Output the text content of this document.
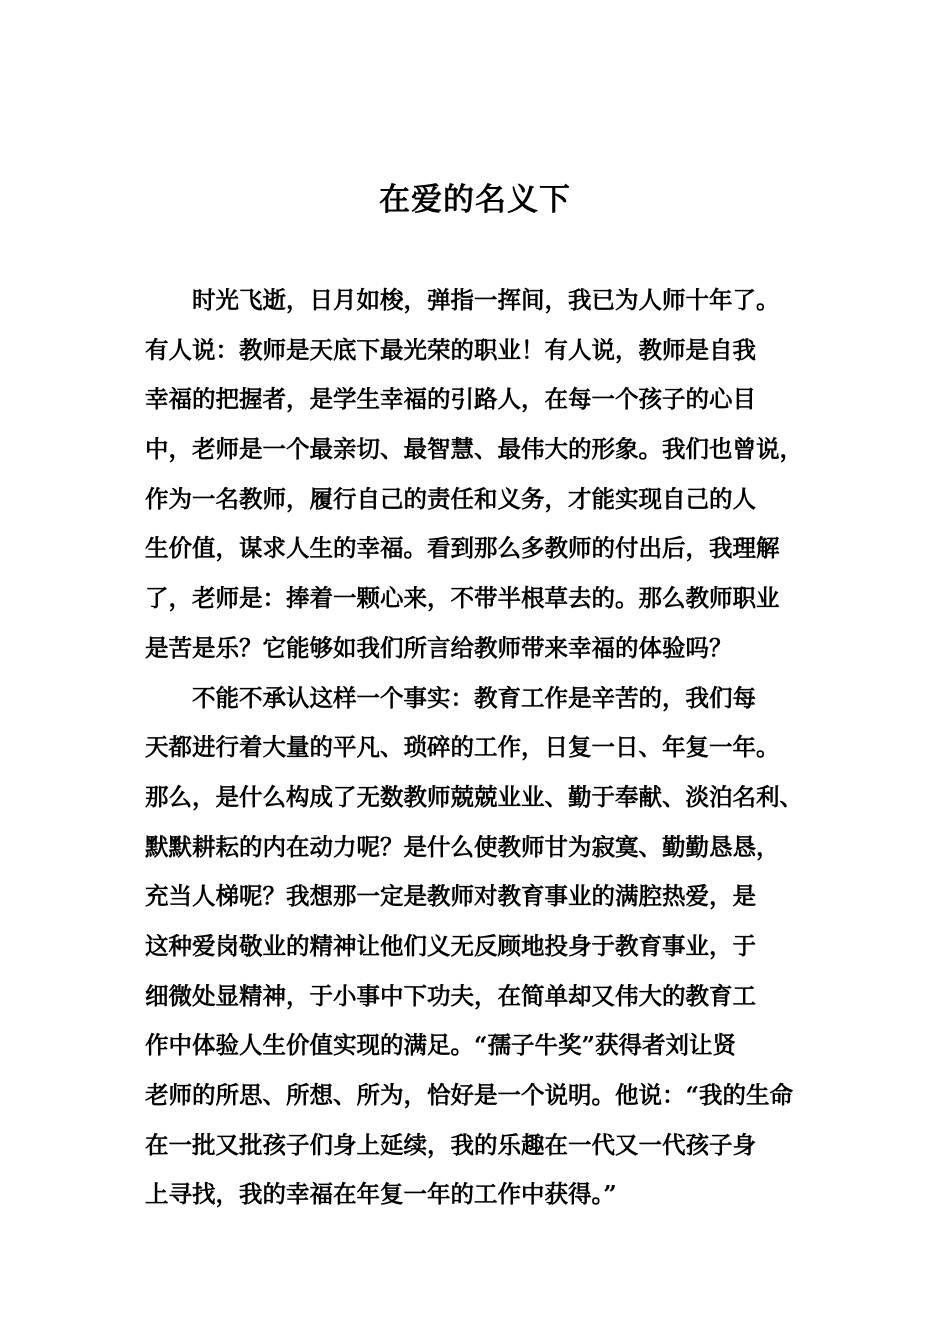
在爱的名义下
时光飞逝，日月如梭，弹指一挥间，我已为人师十年了。
有人说：教师是天底下最光荣的职业！有人说，教师是自我
幸福的把握者，是学生幸福的引路人，在每一个孩子的心目
中，老师是一个最亲切、最智慧、最伟大的形象。我们也曾说，
作为一名教师，履行自己的责任和义务，才能实现自己的人
生价值，谋求人生的幸福。看到那么多教师的付出后，我理解
了，老师是：捧着一颗心来，不带半根草去的。那么教师职业
是苦是乐？它能够如我们所言给教师带来幸福的体验吗？
不能不承认这样一个事实：教育工作是辛苦的，我们每
天都进行着大量的平凡、琐碎的工作，日复一日、年复一年。
那么，是什么构成了无数教师兢兢业业、勤于奉献、淡泊名利、
默默耕耘的内在动力呢？是什么使教师甘为寂寞、勤勤恳恳，
充当人梯呢？我想那一定是教师对教育事业的满腔热爱，是
这种爱岗敬业的精神让他们义无反顾地投身于教育事业，于
细微处显精神，于小事中下功夫，在简单却又伟大的教育工
作中体验人生价值实现的满足。“孺子牛奖”获得者刘让贤
老师的所思、所想、所为，恰好是一个说明。他说：“我的生命
在一批又批孩子们身上延续，我的乐趣在一代又一代孩子身
上寻找，我的幸福在年复一年的工作中获得。”
